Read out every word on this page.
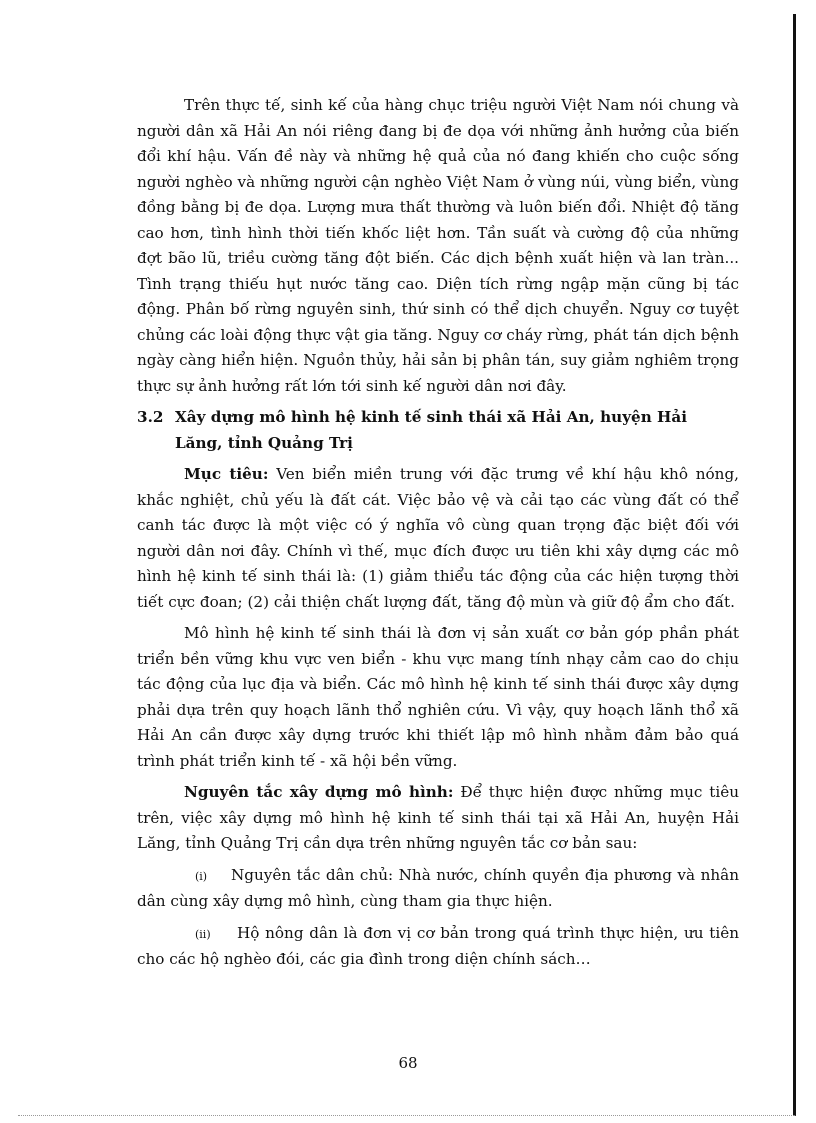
Trên thực tế, sinh kế của hàng chục triệu người Việt Nam nói chung và người dân xã Hải An nói riêng đang bị đe dọa với những ảnh hưởng của biến đổi khí hậu. Vấn đề này và những hệ quả của nó đang khiến cho cuộc sống người nghèo và những người cận nghèo Việt Nam ở vùng núi, vùng biển, vùng đồng bằng bị đe dọa. Lượng mưa thất thường và luôn biến đổi. Nhiệt độ tăng cao hơn, tình hình thời tiến khốc liệt hơn. Tần suất và cường độ của những đợt bão lũ, triều cường tăng đột biến. Các dịch bệnh xuất hiện và lan tràn... Tình trạng thiếu hụt nước tăng cao. Diện tích rừng ngập mặn cũng bị tác động. Phân bố rừng nguyên sinh, thứ sinh có thể dịch chuyển. Nguy cơ tuyệt chủng các loài động thực vật gia tăng. Nguy cơ cháy rừng, phát tán dịch bệnh ngày càng hiển hiện. Nguồn thủy, hải sản bị phân tán, suy giảm nghiêm trọng thực sự ảnh hưởng rất lớn tới sinh kế người dân nơi đây.

3.2 Xây dựng mô hình hệ kinh tế sinh thái xã Hải An, huyện Hải Lăng, tỉnh Quảng Trị

Mục tiêu: Ven biển miền trung với đặc trưng về khí hậu khô nóng, khắc nghiệt, chủ yếu là đất cát. Việc bảo vệ và cải tạo các vùng đất có thể canh tác được là một việc có ý nghĩa vô cùng quan trọng đặc biệt đối với người dân nơi đây. Chính vì thế, mục đích được ưu tiên khi xây dựng các mô hình hệ kinh tế sinh thái là: (1) giảm thiểu tác động của các hiện tượng thời tiết cực đoan; (2) cải thiện chất lượng đất, tăng độ mùn và giữ độ ẩm cho đất.

Mô hình hệ kinh tế sinh thái là đơn vị sản xuất cơ bản góp phần phát triển bền vững khu vực ven biển - khu vực mang tính nhạy cảm cao do chịu tác động của lục địa và biển. Các mô hình hệ kinh tế sinh thái được xây dựng phải dựa trên quy hoạch lãnh thổ nghiên cứu. Vì vậy, quy hoạch lãnh thổ xã Hải An cần được xây dựng trước khi thiết lập mô hình nhằm đảm bảo quá trình phát triển kinh tế - xã hội bền vững.

Nguyên tắc xây dựng mô hình: Để thực hiện được những mục tiêu trên, việc xây dựng mô hình hệ kinh tế sinh thái tại xã Hải An, huyện Hải Lăng, tỉnh Quảng Trị cần dựa trên những nguyên tắc cơ bản sau:

(i) Nguyên tắc dân chủ: Nhà nước, chính quyền địa phương và nhân dân cùng xây dựng mô hình, cùng tham gia thực hiện.

(ii) Hộ nông dân là đơn vị cơ bản trong quá trình thực hiện, ưu tiên cho các hộ nghèo đói, các gia đình trong diện chính sách…

68
